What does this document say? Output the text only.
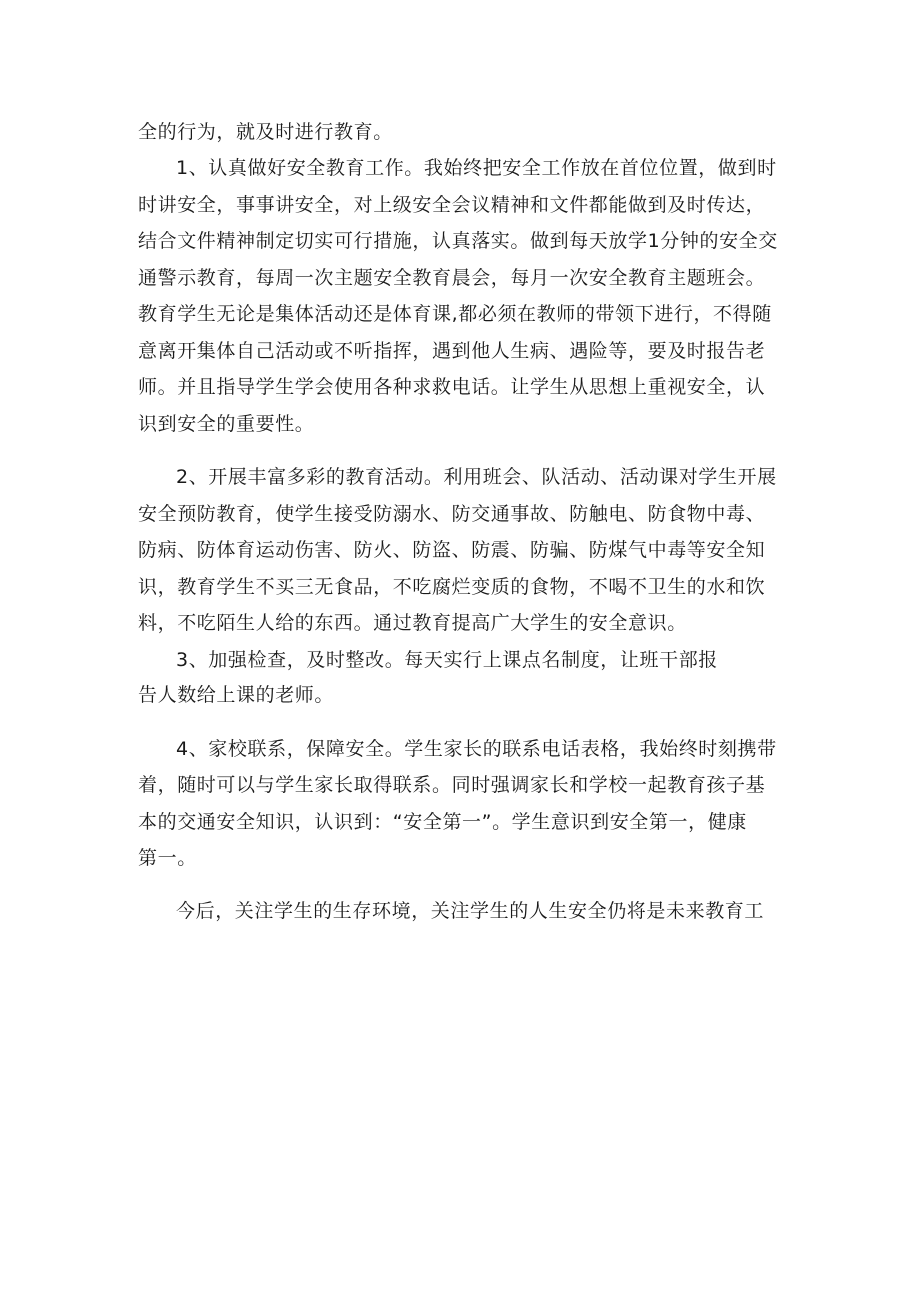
全的行为，就及时进行教育。
1、认真做好安全教育工作。我始终把安全工作放在首位位置，做到时
时讲安全，事事讲安全，对上级安全会议精神和文件都能做到及时传达，
结合文件精神制定切实可行措施，认真落实。做到每天放学1分钟的安全交
通警示教育，每周一次主题安全教育晨会，每月一次安全教育主题班会。
教育学生无论是集体活动还是体育课,都必须在教师的带领下进行，不得随
意离开集体自己活动或不听指挥，遇到他人生病、遇险等，要及时报告老
师。并且指导学生学会使用各种求救电话。让学生从思想上重视安全，认
识到安全的重要性。
2、开展丰富多彩的教育活动。利用班会、队活动、活动课对学生开展
安全预防教育，使学生接受防溺水、防交通事故、防触电、防食物中毒、
防病、防体育运动伤害、防火、防盗、防震、防骗、防煤气中毒等安全知
识，教育学生不买三无食品，不吃腐烂变质的食物，不喝不卫生的水和饮
料，不吃陌生人给的东西。通过教育提高广大学生的安全意识。
3、加强检查，及时整改。每天实行上课点名制度，让班干部报
告人数给上课的老师。
4、家校联系，保障安全。学生家长的联系电话表格，我始终时刻携带
着，随时可以与学生家长取得联系。同时强调家长和学校一起教育孩子基
本的交通安全知识，认识到：“安全第一”。学生意识到安全第一，健康
第一。
今后，关注学生的生存环境，关注学生的人生安全仍将是未来教育工
